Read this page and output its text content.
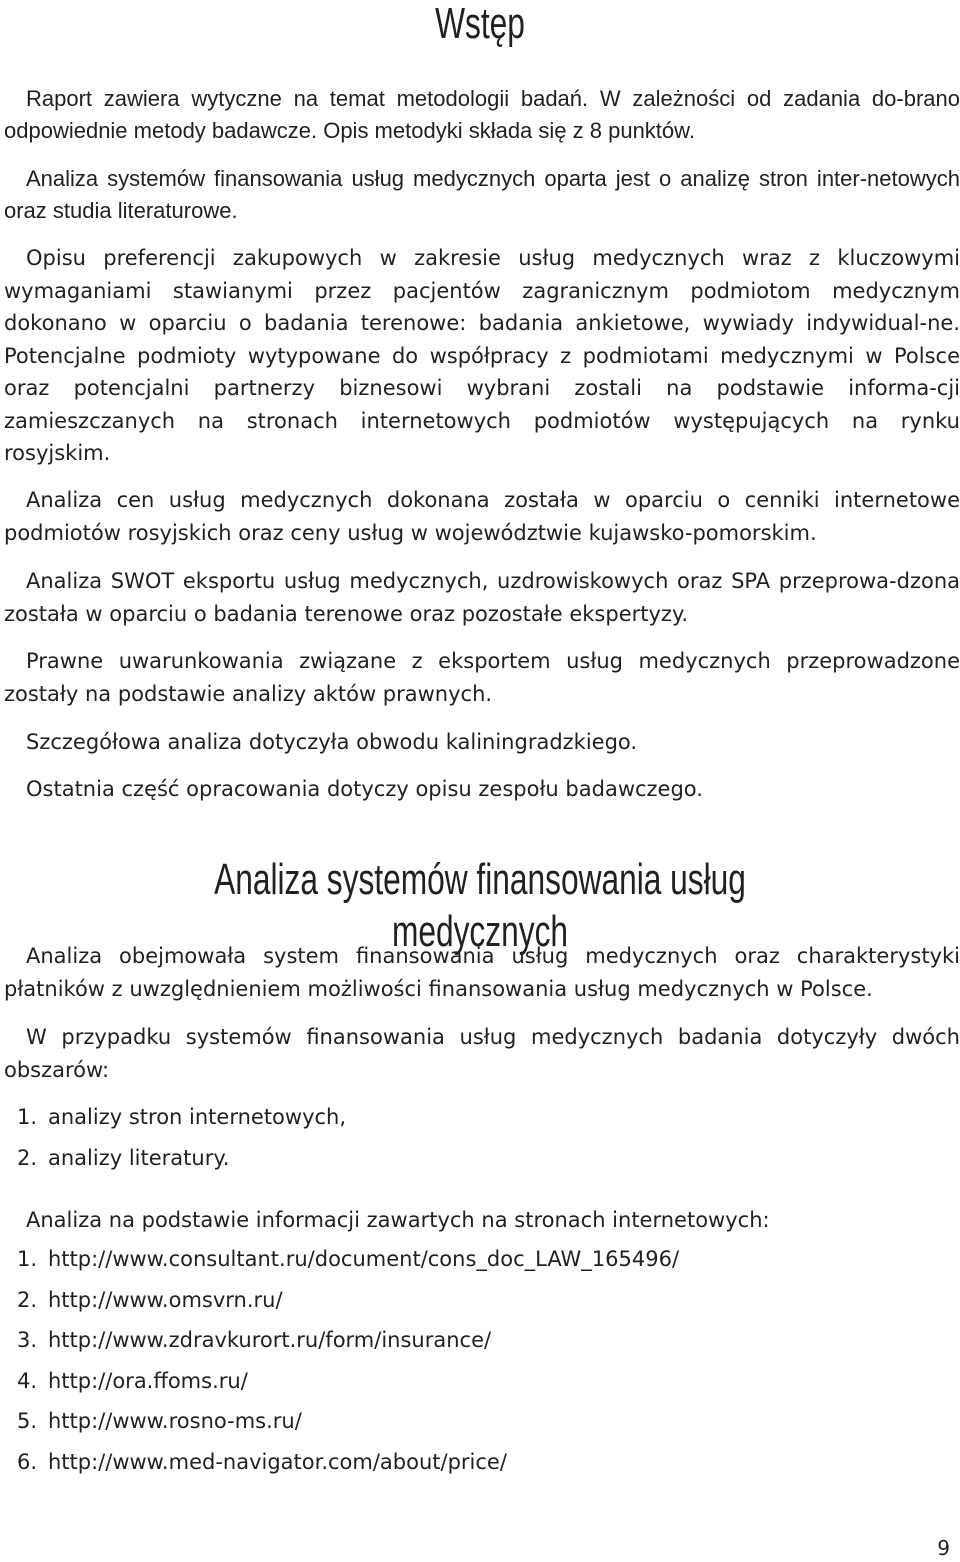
Wstęp

Raport zawiera wytyczne na temat metodologii badań. W zależności od zadania do-brano odpowiednie metody badawcze. Opis metodyki składa się z 8 punktów.

Analiza systemów finansowania usług medycznych oparta jest o analizę stron inter-netowych oraz studia literaturowe.

Opisu preferencji zakupowych w zakresie usług medycznych wraz z kluczowymi wymaganiami stawianymi przez pacjentów zagranicznym podmiotom medycznym dokonano w oparciu o badania terenowe: badania ankietowe, wywiady indywidual-ne. Potencjalne podmioty wytypowane do współpracy z podmiotami medycznymi w Polsce oraz potencjalni partnerzy biznesowi wybrani zostali na podstawie informa-cji zamieszczanych na stronach internetowych podmiotów występujących na rynku rosyjskim.

Analiza cen usług medycznych dokonana została w oparciu o cenniki internetowe podmiotów rosyjskich oraz ceny usług w województwie kujawsko-pomorskim.

Analiza SWOT eksportu usług medycznych, uzdrowiskowych oraz SPA przeprowa-dzona została w oparciu o badania terenowe oraz pozostałe ekspertyzy.

Prawne uwarunkowania związane z eksportem usług medycznych przeprowadzone zostały na podstawie analizy aktów prawnych.

Szczegółowa analiza dotyczyła obwodu kaliningradzkiego.

Ostatnia część opracowania dotyczy opisu zespołu badawczego.

Analiza systemów finansowania usług medycznych

Analiza obejmowała system finansowania usług medycznych oraz charakterystyki płatników z uwzględnieniem możliwości finansowania usług medycznych w Polsce.

W przypadku systemów finansowania usług medycznych badania dotyczyły dwóch obszarów:

1. analizy stron internetowych,
2. analizy literatury.

Analiza na podstawie informacji zawartych na stronach internetowych:

1. http://www.consultant.ru/document/cons_doc_LAW_165496/
2. http://www.omsvrn.ru/
3. http://www.zdravkurort.ru/form/insurance/
4. http://ora.ffoms.ru/
5. http://www.rosno-ms.ru/
6. http://www.med-navigator.com/about/price/
9
